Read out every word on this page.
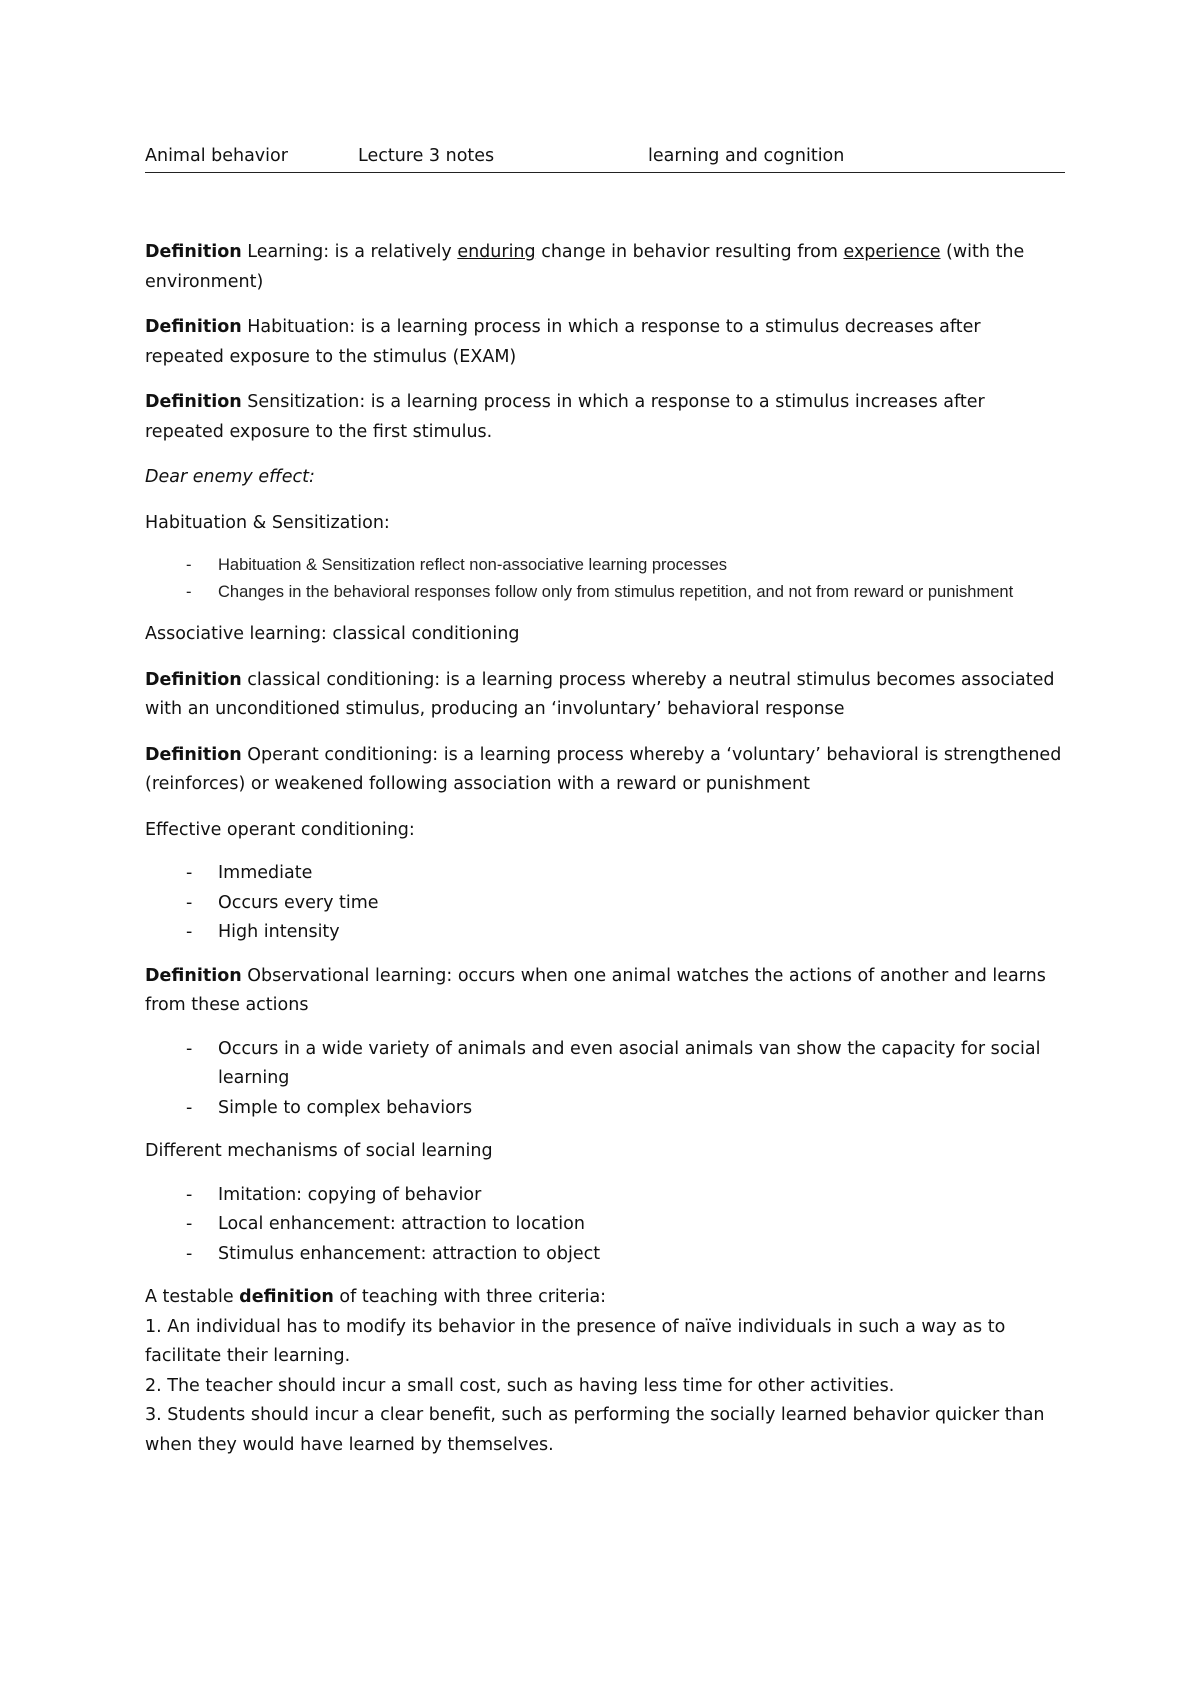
Animal behavior	Lecture 3 notes	learning and cognition

Definition Learning: is a relatively enduring change in behavior resulting from experience (with the environment)

Definition Habituation: is a learning process in which a response to a stimulus decreases after repeated exposure to the stimulus (EXAM)

Definition Sensitization: is a learning process in which a response to a stimulus increases after repeated exposure to the first stimulus.

Dear enemy effect:

Habituation & Sensitization:

- Habituation & Sensitization reflect non-associative learning processes
- Changes in the behavioral responses follow only from stimulus repetition, and not from reward or punishment

Associative learning: classical conditioning

Definition classical conditioning: is a learning process whereby a neutral stimulus becomes associated with an unconditioned stimulus, producing an ‘involuntary’ behavioral response

Definition Operant conditioning: is a learning process whereby a ‘voluntary’ behavioral is strengthened (reinforces) or weakened following association with a reward or punishment

Effective operant conditioning:

- Immediate
- Occurs every time
- High intensity

Definition Observational learning: occurs when one animal watches the actions of another and learns from these actions

- Occurs in a wide variety of animals and even asocial animals van show the capacity for social learning
- Simple to complex behaviors

Different mechanisms of social learning

- Imitation: copying of behavior
- Local enhancement: attraction to location
- Stimulus enhancement: attraction to object

A testable definition of teaching with three criteria:

1. An individual has to modify its behavior in the presence of naïve individuals in such a way as to facilitate their learning.

2. The teacher should incur a small cost, such as having less time for other activities.

3. Students should incur a clear benefit, such as performing the socially learned behavior quicker than when they would have learned by themselves.
